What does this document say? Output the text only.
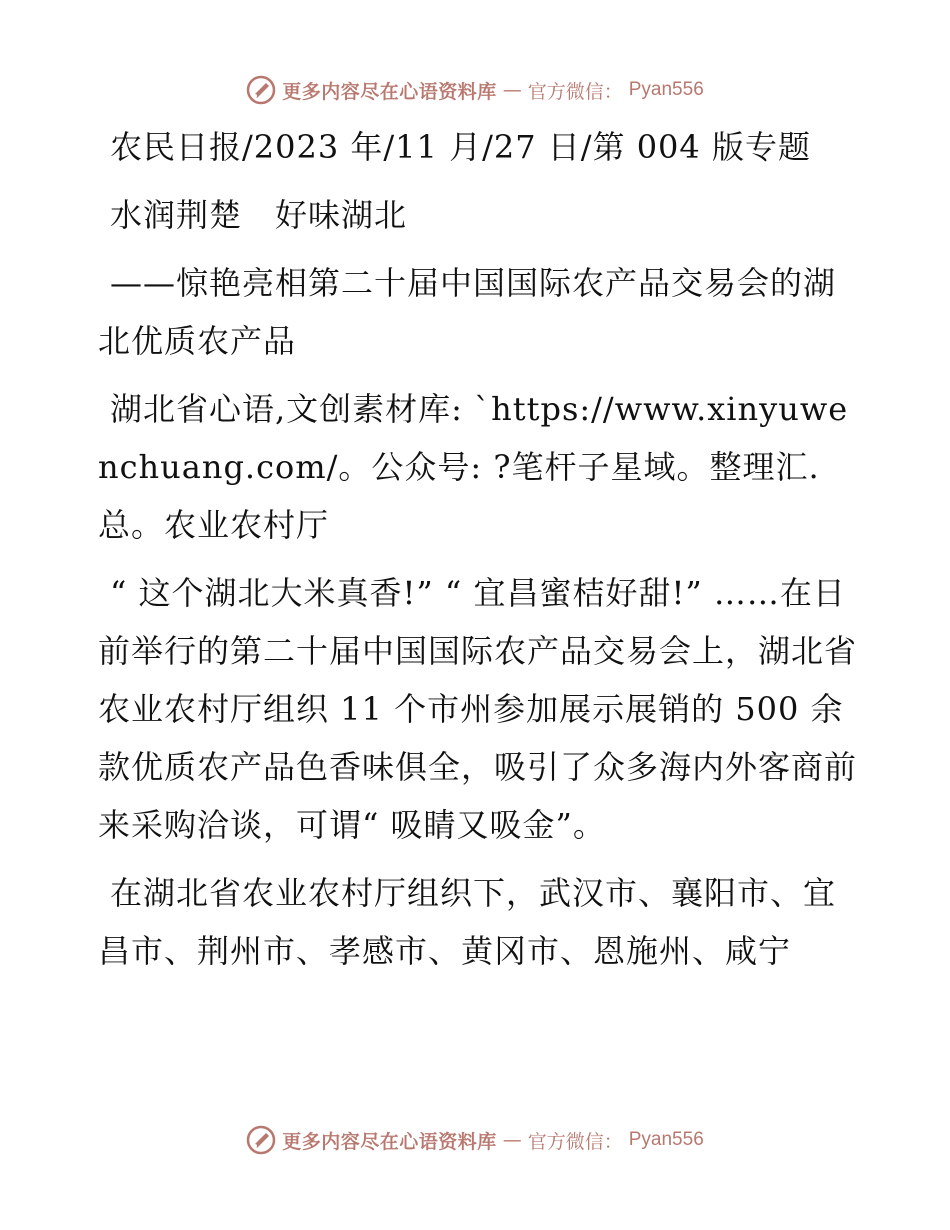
更多内容尽在心语资料库 — 官方微信： Pyan556

农民日报/2023 年/11 月/27 日/第 004 版专题

水润荆楚　好味湖北

——惊艳亮相第二十届中国国际农产品交易会的湖北优质农产品

湖北省心语,文创素材库: `https://www.xinyuwenchuang.com/。公众号: ?笔杆子星域。整理汇.总。农业农村厅

“ 这个湖北大米真香!” “ 宜昌蜜桔好甜!” ……在日前举行的第二十届中国国际农产品交易会上，湖北省农业农村厅组织 11 个市州参加展示展销的 500 余款优质农产品色香味俱全，吸引了众多海内外客商前来采购洽谈，可谓“ 吸睛又吸金”。

在湖北省农业农村厅组织下，武汉市、襄阳市、宜昌市、荆州市、孝感市、黄冈市、恩施州、咸宁

更多内容尽在心语资料库 — 官方微信： Pyan556
